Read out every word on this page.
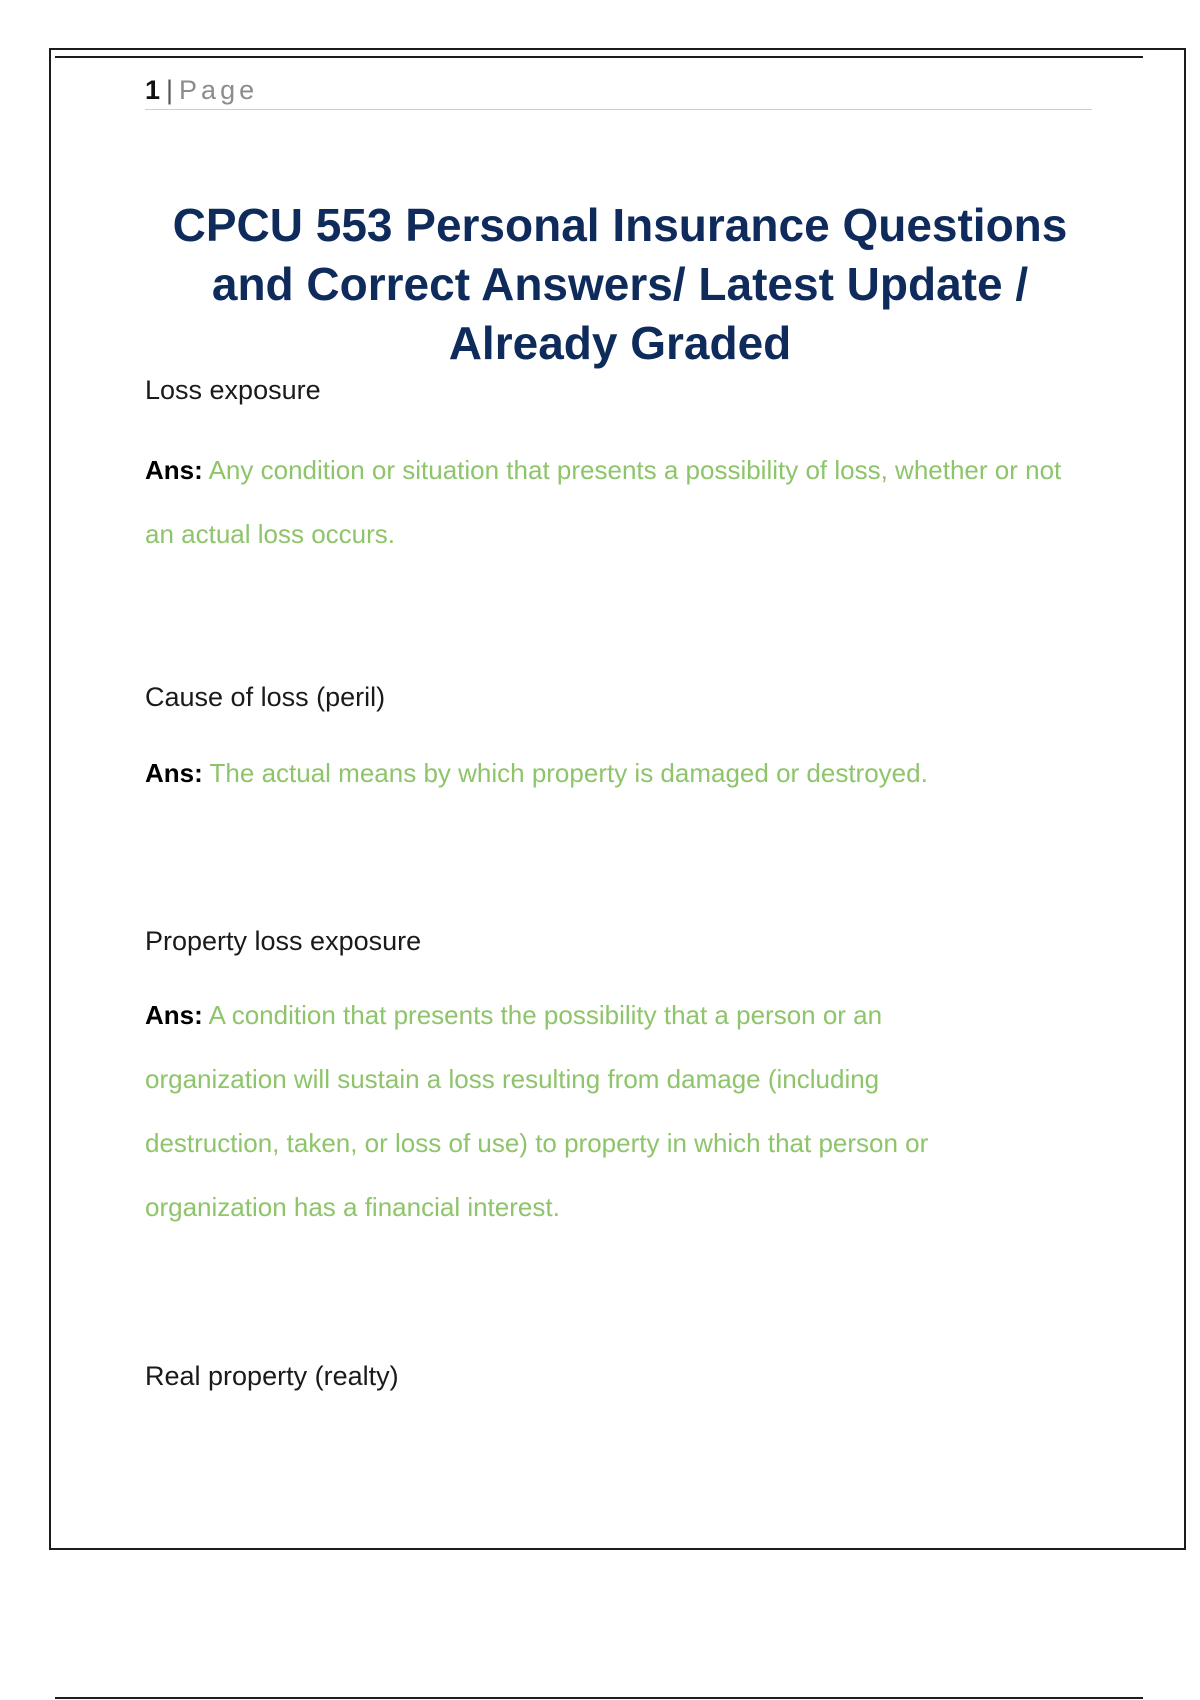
1 | Page
CPCU 553 Personal Insurance Questions and Correct Answers/ Latest Update / Already Graded

Loss exposure

Ans: Any condition or situation that presents a possibility of loss, whether or not an actual loss occurs.

Cause of loss (peril)

Ans: The actual means by which property is damaged or destroyed.

Property loss exposure

Ans: A condition that presents the possibility that a person or an organization will sustain a loss resulting from damage (including destruction, taken, or loss of use) to property in which that person or organization has a financial interest.

Real property (realty)
